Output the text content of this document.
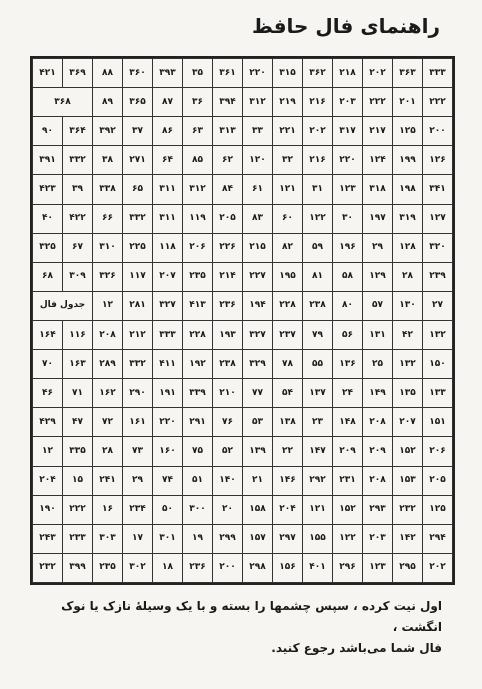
راهنمای فال حافظ
۳۳۳	۳۶۳	۲۰۲	۲۱۸	۳۶۲	۳۱۵	۲۲۰	۳۶۱	۳۵	۳۹۳	۳۶۰	۸۸	۳۶۹	۴۲۱
۲۲۲	۲۰۱	۲۲۲	۲۰۳	۲۱۶	۲۱۹	۳۱۲	۳۹۴	۳۶	۸۷	۳۶۵	۸۹	۳۶۸	
۲۰۰	۱۲۵	۲۱۷	۳۱۷	۲۰۲	۲۲۱	۳۳	۳۱۳	۶۳	۸۶	۳۷	۳۹۲	۳۶۴	۹۰
۱۲۶	۱۹۹	۱۲۴	۲۲۰	۲۱۶	۳۲	۱۲۰	۶۲	۸۵	۶۴	۲۷۱	۳۸	۳۳۲	۳۹۱
۳۴۱	۱۹۸	۳۱۸	۱۲۳	۳۱	۱۲۱	۶۱	۸۴	۳۱۲	۳۱۱	۶۵	۳۳۸	۳۹	۴۲۳
۱۲۷	۳۱۹	۱۹۷	۳۰	۱۲۲	۶۰	۸۳	۲۰۵	۱۱۹	۳۱۱	۳۳۲	۶۶	۴۲۲	۴۰
۳۲۰	۱۲۸	۲۹	۱۹۶	۵۹	۸۲	۲۱۵	۲۲۶	۲۰۶	۱۱۸	۲۲۵	۳۱۰	۶۷	۳۲۵
۲۳۹	۲۸	۱۲۹	۵۸	۸۱	۱۹۵	۲۲۷	۲۱۴	۲۳۵	۲۰۷	۱۱۷	۳۲۶	۳۰۹	۶۸
۲۷	۱۳۰	۵۷	۸۰	۲۳۸	۲۲۸	۱۹۴	۲۳۶	۴۱۳	۳۲۷	۲۸۱	۱۲	جدول فال	
۱۳۲	۴۲	۱۳۱	۵۶	۷۹	۲۳۷	۳۲۷	۱۹۳	۲۲۸	۳۳۳	۲۱۲	۲۰۸	۱۱۶	۱۶۴
۱۵۰	۱۳۲	۲۵	۱۳۶	۵۵	۷۸	۳۲۹	۲۳۸	۱۹۲	۴۱۱	۳۳۲	۲۸۹	۱۶۳	۷۰
۱۳۳	۱۳۵	۱۴۹	۲۴	۱۳۷	۵۴	۷۷	۲۱۰	۳۳۹	۱۹۱	۲۹۰	۱۶۲	۷۱	۴۶
۱۵۱	۲۰۷	۲۰۸	۱۴۸	۲۳	۱۳۸	۵۳	۷۶	۲۹۱	۲۲۰	۱۶۱	۷۲	۴۷	۴۲۹
۲۰۶	۱۵۲	۲۰۹	۲۰۹	۱۴۷	۲۲	۱۳۹	۵۲	۷۵	۱۶۰	۷۳	۲۸	۳۳۵	۱۲
۲۰۵	۱۵۳	۲۰۸	۲۳۱	۲۹۲	۱۴۶	۲۱	۱۴۰	۵۱	۷۴	۲۹	۲۴۱	۱۵	۲۰۴
۱۲۵	۲۳۲	۲۹۳	۱۵۲	۱۲۱	۲۰۴	۱۵۸	۲۰	۳۰۰	۵۰	۲۳۴	۱۶	۲۲۲	۱۹۰
۲۹۴	۱۴۲	۲۰۳	۱۲۲	۱۵۵	۲۹۷	۱۵۷	۲۹۹	۱۹	۳۰۱	۱۷	۳۰۳	۲۳۳	۲۴۳
۲۰۲	۲۹۵	۱۲۳	۲۹۶	۴۰۱	۱۵۶	۲۹۸	۲۰۰	۲۳۶	۱۸	۳۰۲	۲۳۵	۳۹۹	۲۳۲

اول نیت کرده ، سپس چشمها را بسته و با یک وسیلهٔ نازک یا نوک انگشت ،

فال شما می‌باشد رجوع کنید.
